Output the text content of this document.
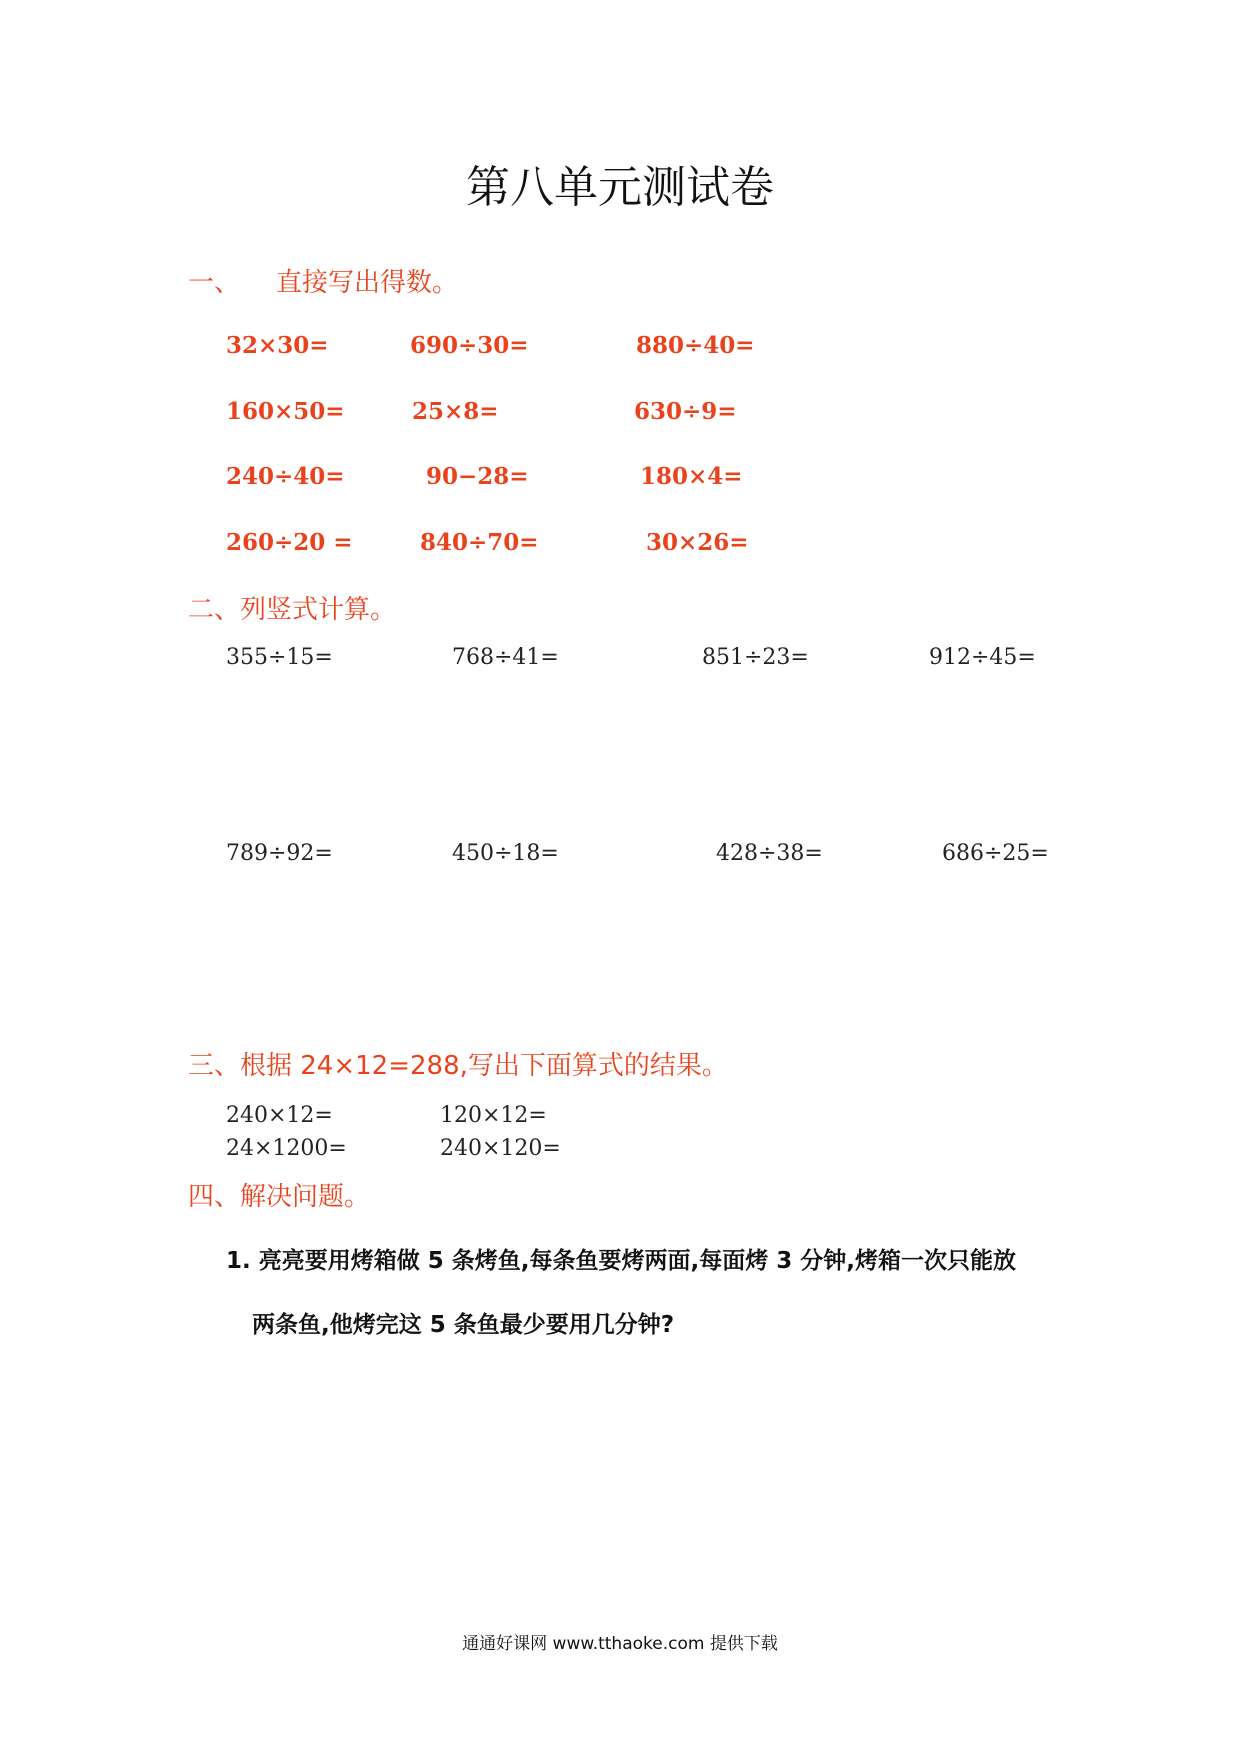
第八单元测试卷
一、 直接写出得数。
32×30=	690÷30=	880÷40=
160×50=	25×8=	630÷9=
240÷40=	90−28=	180×4=
260÷20 =	840÷70=	30×26=
二、列竖式计算。
355÷15=	768÷41=	851÷23=	912÷45=
789÷92=	450÷18=	428÷38=	686÷25=
三、根据 24×12=288,写出下面算式的结果。
240×12=	120×12=
24×1200=	240×120=
四、解决问题。
1. 亮亮要用烤箱做 5 条烤鱼,每条鱼要烤两面,每面烤 3 分钟,烤箱一次只能放
两条鱼,他烤完这 5 条鱼最少要用几分钟?
通通好课网 www.tthaoke.com 提供下载
